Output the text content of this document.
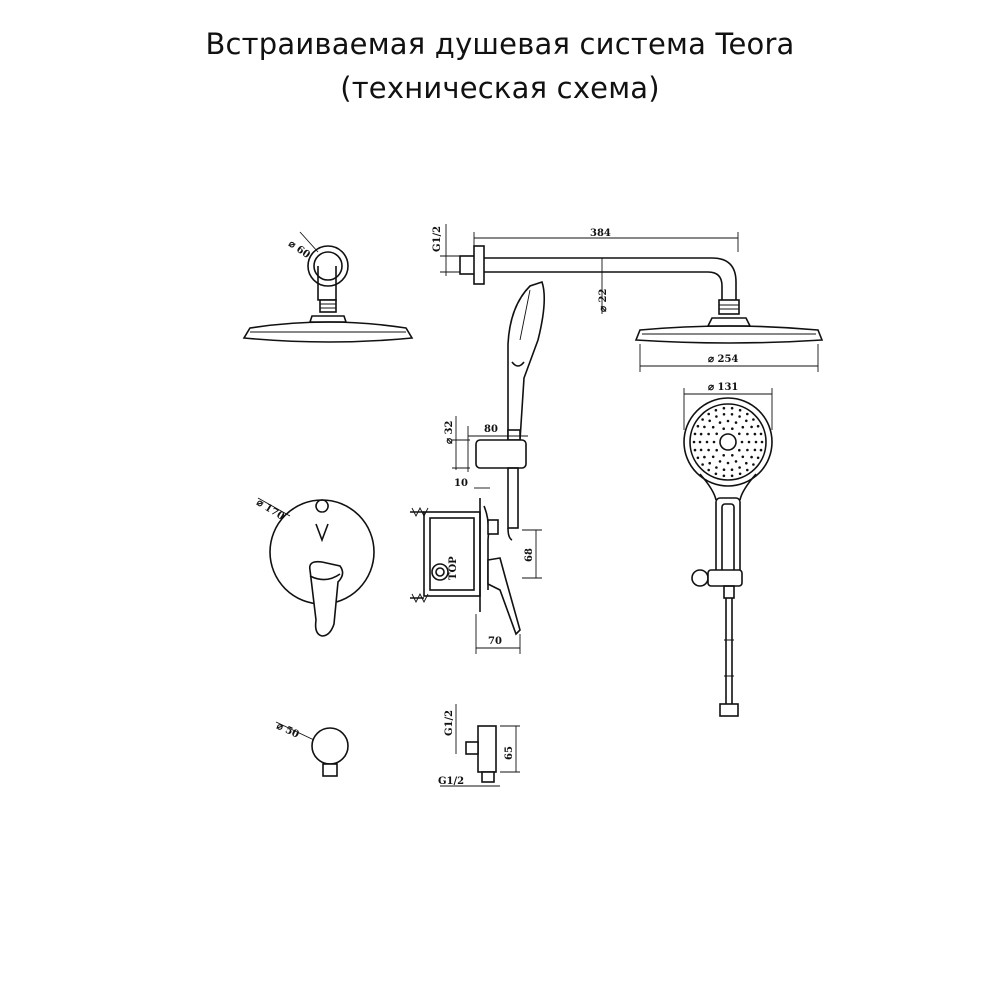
Встраиваемая душевая система Teora
(техническая схема)
⌀ 60
384
G1/2
⌀ 22
⌀ 254
80
⌀ 32
⌀ 131
⌀ 170
TOP
10
68
70
⌀ 50	G1/2
65
G1/2
